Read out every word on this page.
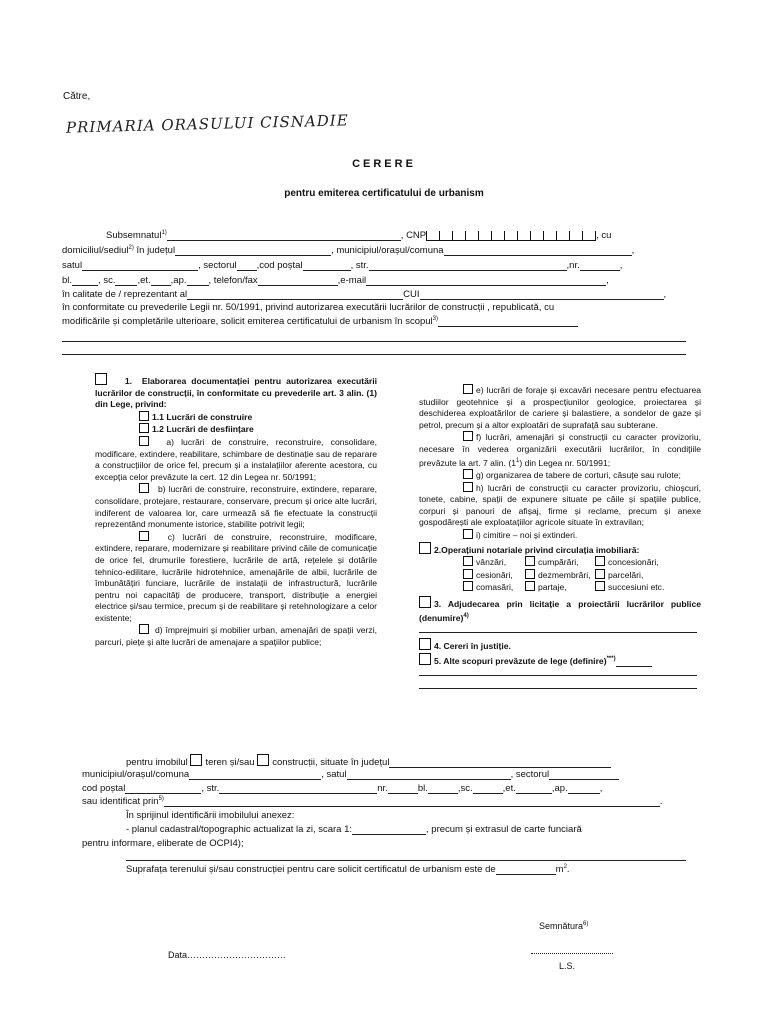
Către,
PRIMARIA ORASULUI CISNADIE
CERERE
pentru emiterea certificatului de urbanism
Subsemnatul$^{1)}$	, CNP	, cu
domiciliul/sediul$^{2)}$ în județul	, municipiul/orașul/comuna	,
satul	, sectorul ,cod poștal	, str.	,nr.	,
bl.	, sc. ,et. ,ap. , telefon/fax	,e-mail	,
în calitate de / reprezentant al	CUI	,
în conformitate cu prevederile Legii nr. 50/1991, privind autorizarea executării lucrărilor de construcții , republicată, cu
modificările și completările ulterioare, solicit emiterea certificatului de urbanism în scopul$^{3)}$

1. Elaborarea documentației pentru autorizarea executării lucrărilor de construcții, în conformitate cu prevederile art. 3 alin. (1) din Lege, privind:

1.1 Lucrări de construire

1.2 Lucrări de desființare

a) lucrări de construire, reconstruire, consolidare, modificare, extindere, reabilitare, schimbare de destinație sau de reparare a construcțiilor de orice fel, precum și a instalațiilor aferente acestora, cu excepția celor prevăzute la cert. 12 din Legea nr. 50/1991;

b) lucrări de construire, reconstruire, extindere, reparare, consolidare, protejare, restaurare, conservare, precum și orice alte lucrări, indiferent de valoarea lor, care urmează să fie efectuate la construcții reprezentând monumente istorice, stabilite potrivit legii;

c) lucrări de construire, reconstruire, modificare, extindere, reparare, modernizare și reabilitare privind căile de comunicație de orice fel, drumurile forestiere, lucrările de artă, rețelele și dotările tehnico-edilitare, lucrările hidrotehnice, amenajările de albii, lucrările de îmbunătățiri funciare, lucrările de instalații de infrastructură, lucrările pentru noi capacități de producere, transport, distribuție a energiei electrice și/sau termice, precum și de reabilitare și retehnologizare a celor existente;

d) împrejmuiri și mobilier urban, amenajări de spații verzi, parcuri, piețe și alte lucrări de amenajare a spațiilor publice;

e) lucrări de foraje și excavări necesare pentru efectuarea studiilor geotehnice și a prospecțiunilor geologice, proiectarea și deschiderea exploatărilor de cariere și balastiere, a sondelor de gaze și petrol, precum și a altor exploatări de suprafață sau subterane.

f) lucrări, amenajări și construcții cu caracter provizoriu, necesare în vederea organizării executării lucrărilor, în condițiile prevăzute la art. 7 alin. $(1^1)$ din Legea nr. 50/1991;

g) organizarea de tabere de corturi, căsuțe sau rulote;

h) lucrări de construcții cu caracter provizoriu, chioșcuri, tonete, cabine, spații de expunere situate pe căile și spațiile publice, corpuri și panouri de afișaj, firme și reclame, precum și anexe gospodărești ale exploatațiilor agricole situate în extravilan;

i) cimitire – noi și extinderi.

2.Operațiuni notariale privind circulația imobiliară:

vânzări,	cumpărări,	concesionări,
cesionări,	dezmembrări,	parcelări,
comasări,	partaje,	succesiuni etc.

3. Adjudecarea prin licitație a proiectării lucrărilor publice (denumire)$^{4)}$

4. Cereri în justiție.

5. Alte scopuri prevăzute de lege (definire)***)

pentru imobilul teren și/sau construcții, situate în județul
municipiul/orașul/comuna	, satul	, sectorul
cod poștal	, str.	nr.	bl.	,sc.	,et.	,ap.	,
sau identificat prin$^{5)}$	.
În sprijinul identificării imobilului anexez:
- planul cadastral/topographic actualizat la zi, scara 1:	, precum și extrasul de carte funciară
pentru informare, eliberate de OCPI4);
Suprafața terenului și/sau construcției pentru care solicit certificatul de urbanism este de	$m^2$.
Semnătura$^{6)}$
Data……………………………
L.S.
